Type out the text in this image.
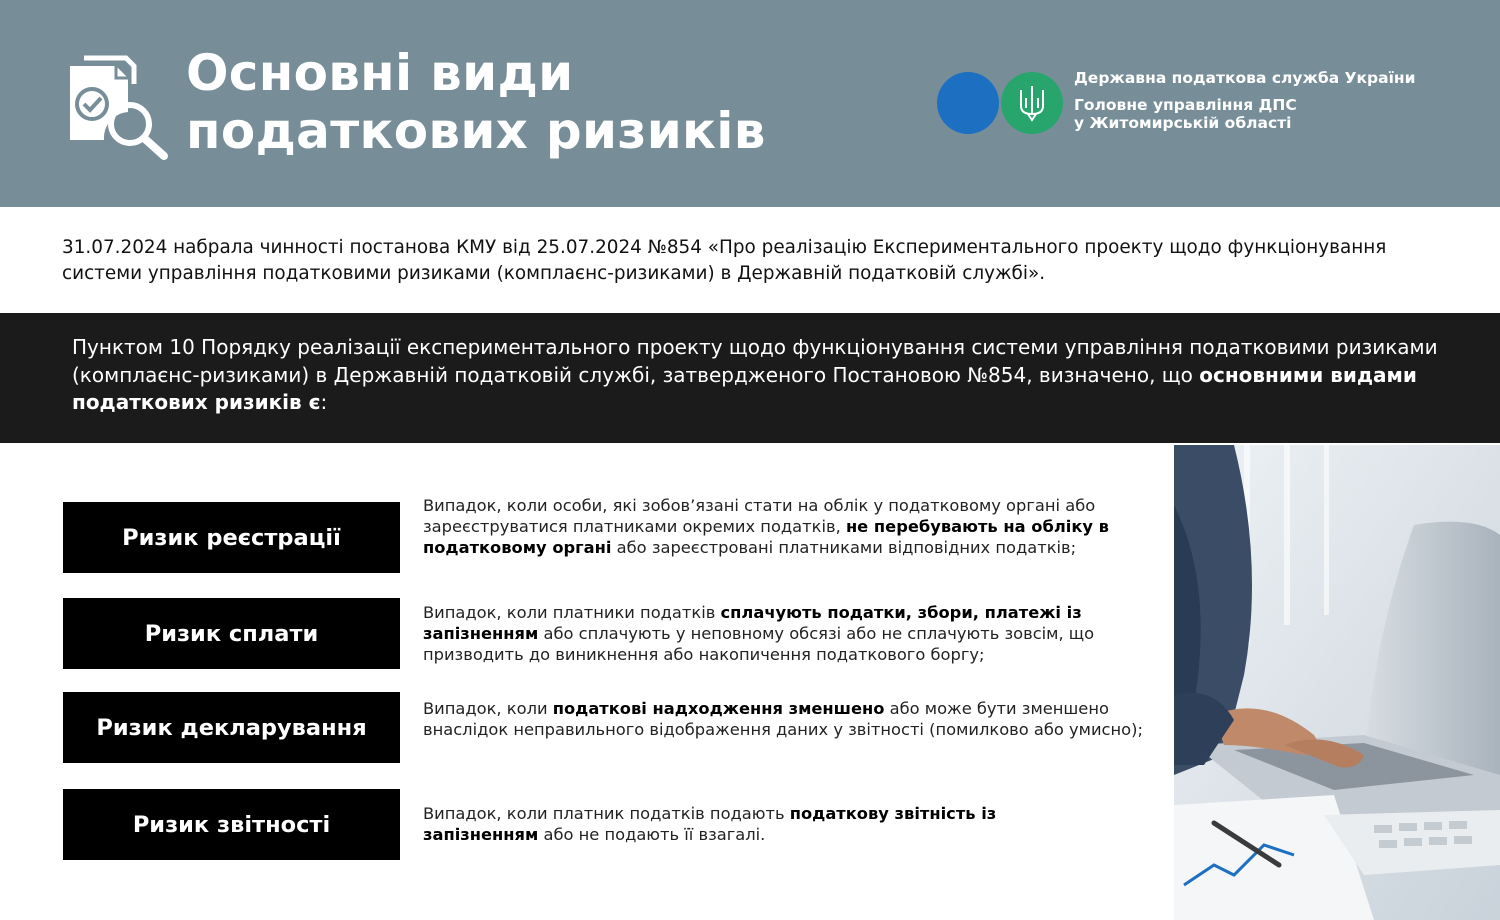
Основні види
податкових ризиків
Державна податкова служба України
Головне управління ДПС
у Житомирській області

31.07.2024 набрала чинності постанова КМУ від 25.07.2024 №854 «Про реалізацію Експериментального проекту щодо функціонування системи управління податковими ризиками (комплаєнс-ризиками) в Державній податковій службі».

Пунктом 10 Порядку реалізації експериментального проекту щодо функціонування системи управління податковими ризиками (комплаєнс-ризиками) в Державній податковій службі, затвердженого Постановою №854, визначено, що основними видами податкових ризиків є:

Ризик реєстрації

Випадок, коли особи, які зобов’язані стати на облік у податковому органі або зареєструватися платниками окремих податків, не перебувають на обліку в податковому органі або зареєстровані платниками відповідних податків;

Ризик сплати

Випадок, коли платники податків сплачують податки, збори, платежі із запізненням або сплачують у неповному обсязі або не сплачують зовсім, що призводить до виникнення або накопичення податкового боргу;

Ризик декларування

Випадок, коли податкові надходження зменшено або може бути зменшено внаслідок неправильного відображення даних у звітності (помилково або умисно);

Ризик звітності	Випадок, коли платник податків подають податкову звітність із запізненням або не подають її взагалі.
